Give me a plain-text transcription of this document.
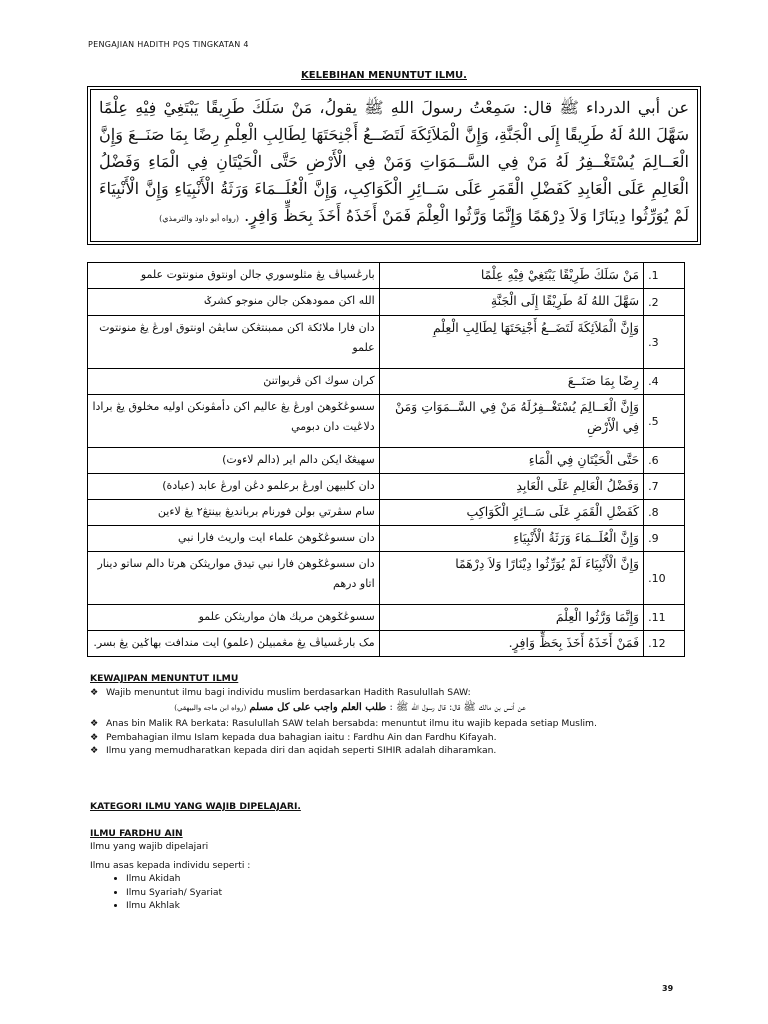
PENGAJIAN HADITH PQS TINGKATAN 4
KELEBIHAN MENUNTUT ILMU.
عن أبي الدرداء ﷺ قال: سَمِعْتُ رسولَ اللهِ ﷺ يقولُ، مَنْ سَلَكَ طَرِيقًا يَبْتَغِيْ فِيْهِ عِلْمًا سَهَّلَ اللهُ لَهُ طَرِيقًا إِلَى الْجَنَّةِ، وَإِنَّ الْمَلاَئِكَةَ لَتَضَــعُ أَجْنِحَتَهَا لِطَالِبِ الْعِلْمِ رِضًا بِمَا صَنَــعَ وَإِنَّ الْعَــالِمَ يُسْتَغْــفِرُ لَهُ مَنْ فِي السَّــمَوَاتِ وَمَنْ فِي الْأَرْضِ حَتَّى الْحَيْتَانِ فِي الْمَاءِ وَفَضْلُ الْعَالِمِ عَلَى الْعَابِدِ كَفَضْلِ الْقَمَرِ عَلَى سَــائِرِ الْكَوَاكِبِ، وَإِنَّ الْعُلَــمَاءَ وَرَثَةُ الْأَنْبِيَاءِ وَإِنَّ الْأَنْبِيَاءَ لَمْ يُوَرِّثُوا دِينَارًا وَلاَ دِرْهَمًا وَإِنَّمَا وَرَّثُوا الْعِلْمَ فَمَنْ أَخَذَهُ أَخَذَ بِحَظٍّ وَافِرٍ. (رواه أبو داود والترمذي)
بارڠسياڤ يڠ مثلوسوري جالن اونتوق منونتوت علمو	مَنْ سَلَكَ طَرِيْقًا يَبْتَغِيْ فِيْهِ عِلْمًا	.1
الله اكن ممودهكن جالن منوجو كشرݢ	سَهَّلَ اللهُ لَهُ طَرِيْقًا إِلَى الْجَنَّةِ	.2
دان فارا ملائكة اكن ممبنتڠكن سايڤڽ اونتوق اورڠ يڠ منونتوت علمو	وَإِنَّ الْمَلاَئِكَةَ لَتَضَــعُ أَجْنِحَتَهَا لِطَالِبِ الْعِلْمِ	.3
كران سوك اكن ڤربواتنڽ	رِضًا بِمَا صَنَــعَ	.4
سسوڠݢوهڽ اورڠ يڠ عاليم اكن دأمڤونكن اوليه مخلوق يڠ برادا دلاڠيت دان دبومي	وَإِنَّ الْعَــالِمَ يُسْتَغْــفِرُلَهُ مَنْ فِي السَّــمَوَاتِ وَمَنْ فِي الْأَرْضِ	.5
سهيڠݢ ايكن دالم اير (دالم لاءوت)	حَتَّى الْحَيْتَانِ فِي الْمَاءِ	.6
دان كلبيهن اورڠ برعلمو دڠن اورڠ عابد (عبادة)	وَفَضْلُ الْعَالِمِ عَلَى الْعَابِدِ	.7
سام سڤرتي بولن فورنام برباندیڠ بينتڠ٢ يڠ لاءين	كَفَضْلِ الْقَمَرِ عَلَى سَــائِرِ الْكَوَاكِبِ	.8
دان سسوڠݢوهڽ علماء ايت واريث فارا نبي	وَإِنَّ الْعُلَــمَاءَ وَرَثَةُ الْأَنْبِيَاءِ	.9
دان سسوڠݢوهڽ فارا نبي تيدق مواريثكن هرتا دالم ساتو دينار اتاو درهم	وَإِنَّ الْأَنْبِيَاءَ لَمْ يُوَرِّثُوا دِيْنَارًا وَلاَ دِرْهَمًا	.10
سسوڠݢوهڽ مريك هاڽ مواريثكن علمو	وَإِنَّمَا وَرَّثُوا الْعِلْمَ	.11
مک بارڠسياڤ يڠ مڠمبيلڽ (علمو) ايت مندافت بهاݢين يڠ بسر.	فَمَنْ أَخَذَهُ أَخَذَ بِحَظٍّ وَافِرٍ.	.12
KEWAJIPAN MENUNTUT ILMU
❖ Wajib menuntut ilmu bagi individu muslim berdasarkan Hadith Rasulullah SAW:
عن أنس بن مالك ﷺ قال: قال رسول الله ﷺ : طلب العلم واجب على كل مسلم (رواه ابن ماجه والبيهقي)
❖ Anas bin Malik RA berkata: Rasulullah SAW telah bersabda: menuntut ilmu itu wajib kepada setiap Muslim.
❖ Pembahagian ilmu Islam kepada dua bahagian iaitu : Fardhu Ain dan Fardhu Kifayah.
❖ Ilmu yang memudharatkan kepada diri dan aqidah seperti SIHIR adalah diharamkan.
KATEGORI ILMU YANG WAJIB DIPELAJARI.
ILMU FARDHU AIN
Ilmu yang wajib dipelajari
Ilmu asas kepada individu seperti :
• Ilmu Akidah
• Ilmu Syariah/ Syariat
• Ilmu Akhlak
39
